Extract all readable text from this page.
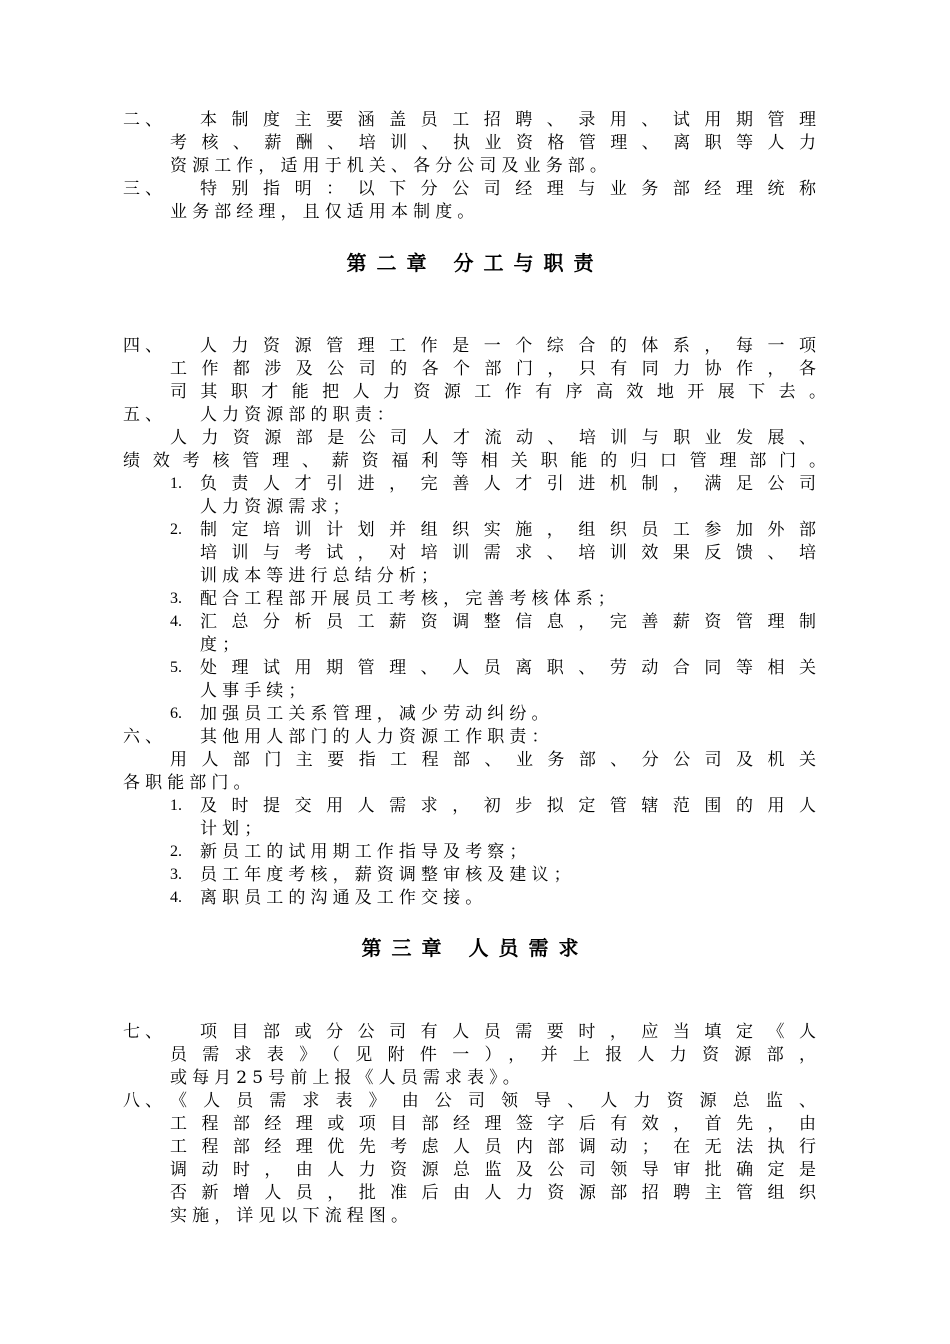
二、 本制度主要涵盖员工招聘、录用、试用期管理
考核、薪酬、培训、执业资格管理、离职等人力
资源工作，适用于机关、各分公司及业务部。
三、 特别指明：以下分公司经理与业务部经理统称
业务部经理，且仅适用本制度。
第二章 分工与职责
四、 人力资源管理工作是一个综合的体系，每一项
工作都涉及公司的各个部门，只有同力协作，各
司其职才能把人力资源工作有序高效地开展下去。
五、 人力资源部的职责：
人力资源部是公司人才流动、培训与职业发展、
绩效考核管理、薪资福利等相关职能的归口管理部门。
1. 负责人才引进，完善人才引进机制，满足公司
人力资源需求；
2. 制定培训计划并组织实施，组织员工参加外部
培训与考试，对培训需求、培训效果反馈、培
训成本等进行总结分析；
3. 配合工程部开展员工考核，完善考核体系；
4. 汇总分析员工薪资调整信息，完善薪资管理制
度；
5. 处理试用期管理、人员离职、劳动合同等相关
人事手续；
6. 加强员工关系管理，减少劳动纠纷。
六、 其他用人部门的人力资源工作职责：
用人部门主要指工程部、业务部、分公司及机关
各职能部门。
1. 及时提交用人需求，初步拟定管辖范围的用人
计划；
2. 新员工的试用期工作指导及考察；
3. 员工年度考核，薪资调整审核及建议；
4. 离职员工的沟通及工作交接。
第三章 人员需求
七、 项目部或分公司有人员需要时，应当填定《人
员需求表》（见附件一），并上报人力资源部，
或每月25号前上报《人员需求表》。
八、 《人员需求表》由公司领导、人力资源总监、
工程部经理或项目部经理签字后有效，首先，由
工程部经理优先考虑人员内部调动；在无法执行
调动时，由人力资源总监及公司领导审批确定是
否新增人员，批准后由人力资源部招聘主管组织
实施，详见以下流程图。
